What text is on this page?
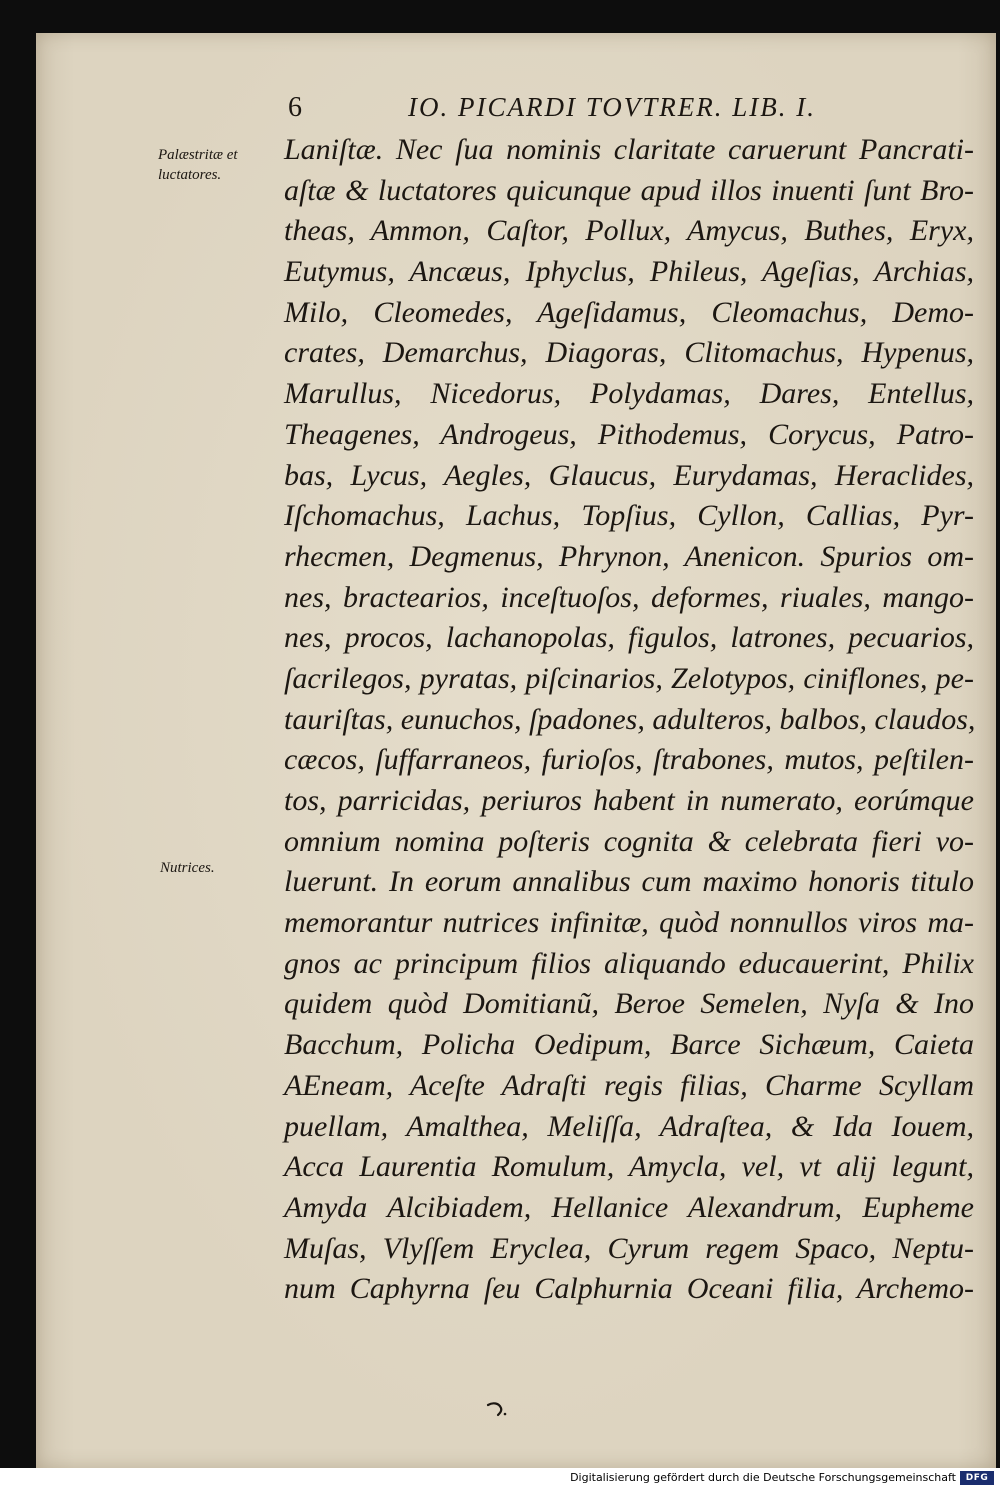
6	IO. PICARDI TOVTRER. LIB. I.
Palæstritæ et
luctatores.
Nutrices.
Laniſtæ. Nec ſua nominis claritate caruerunt Pancrati-
aſtæ & luctatores quicunque apud illos inuenti ſunt Bro-
theas, Ammon, Caſtor, Pollux, Amycus, Buthes, Eryx,
Eutymus, Ancæus, Iphyclus, Phileus, Ageſias, Archias,
Milo, Cleomedes, Ageſidamus, Cleomachus, Demo-
crates, Demarchus, Diagoras, Clitomachus, Hypenus,
Marullus, Nicedorus, Polydamas, Dares, Entellus,
Theagenes, Androgeus, Pithodemus, Corycus, Patro-
bas, Lycus, Aegles, Glaucus, Eurydamas, Heraclides,
Iſchomachus, Lachus, Topſius, Cyllon, Callias, Pyr-
rhecmen, Degmenus, Phrynon, Anenicon. Spurios om-
nes, bractearios, inceſtuoſos, deformes, riuales, mango-
nes, procos, lachanopolas, figulos, latrones, pecuarios,
ſacrilegos, pyratas, piſcinarios, Zelotypos, ciniflones, pe-
tauriſtas, eunuchos, ſpadones, adulteros, balbos, claudos,
cæcos, ſuffarraneos, furioſos, ſtrabones, mutos, peſtilen-
tos, parricidas, periuros habent in numerato, eorúmque
omnium nomina poſteris cognita & celebrata fieri vo-
luerunt. In eorum annalibus cum maximo honoris titulo
memorantur nutrices infinitæ, quòd nonnullos viros ma-
gnos ac principum filios aliquando educauerint, Philix
quidem quòd Domitianũ, Beroe Semelen, Nyſa & Ino
Bacchum, Policha Oedipum, Barce Sichæum, Caieta
AEneam, Aceſte Adraſti regis filias, Charme Scyllam
puellam, Amalthea, Meliſſa, Adraſtea, & Ida Iouem,
Acca Laurentia Romulum, Amycla, vel, vt alij legunt,
Amyda Alcibiadem, Hellanice Alexandrum, Eupheme
Muſas, Vlyſſem Eryclea, Cyrum regem Spaco, Neptu-
num Caphyrna ſeu Calphurnia Oceani filia, Archemo-
Digitalisierung gefördert durch die Deutsche Forschungsgemeinschaft	DFG
